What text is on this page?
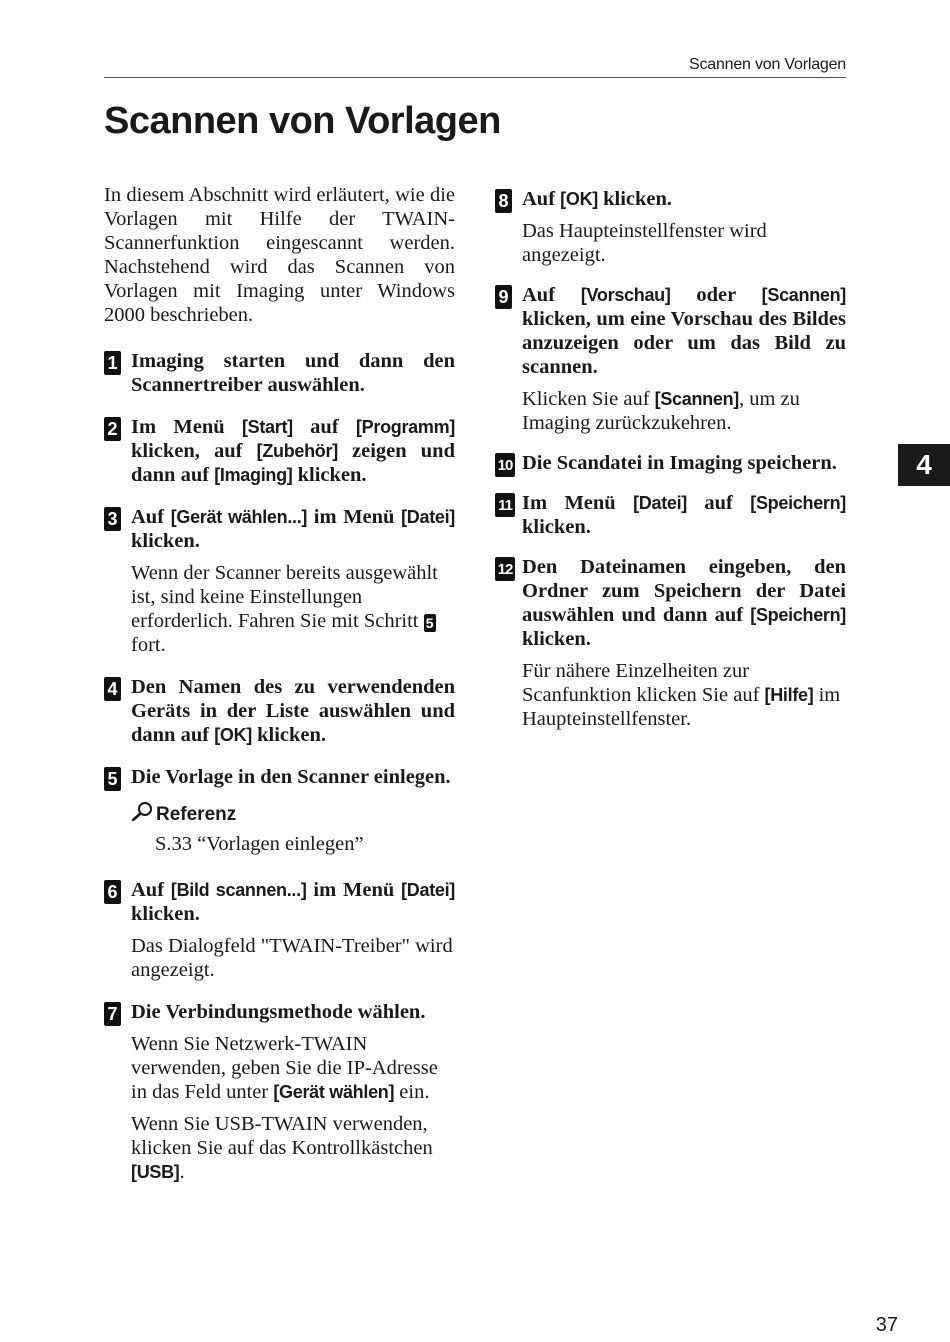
Scannen von Vorlagen
Scannen von Vorlagen

In diesem Abschnitt wird erläutert, wie die Vorlagen mit Hilfe der TWAIN-Scannerfunktion eingescannt werden. Nachstehend wird das Scannen von Vorlagen mit Imaging unter Windows 2000 beschrieben.

1 Imaging starten und dann den Scannertreiber auswählen.
2 Im Menü [Start] auf [Programm] klicken, auf [Zubehör] zeigen und dann auf [Imaging] klicken.
3 Auf [Gerät wählen...] im Menü [Datei] klicken.

Wenn der Scanner bereits ausgewählt ist, sind keine Einstellungen erforderlich. Fahren Sie mit Schritt 5 fort.

4 Den Namen des zu verwendenden Geräts in der Liste auswählen und dann auf [OK] klicken.
5 Die Vorlage in den Scanner einlegen.
Referenz
S.33 “Vorlagen einlegen”
6 Auf [Bild scannen...] im Menü [Datei] klicken.

Das Dialogfeld "TWAIN-Treiber" wird angezeigt.

7 Die Verbindungsmethode wählen.

Wenn Sie Netzwerk-TWAIN verwenden, geben Sie die IP-Adresse in das Feld unter [Gerät wählen] ein.

Wenn Sie USB-TWAIN verwenden, klicken Sie auf das Kontrollkästchen [USB].

8 Auf [OK] klicken.

Das Haupteinstellfenster wird angezeigt.

9 Auf [Vorschau] oder [Scannen] klicken, um eine Vorschau des Bildes anzuzeigen oder um das Bild zu scannen.

Klicken Sie auf [Scannen], um zu Imaging zurückzukehren.

10 Die Scandatei in Imaging speichern.
11 Im Menü [Datei] auf [Speichern] klicken.
12 Den Dateinamen eingeben, den Ordner zum Speichern der Datei auswählen und dann auf [Speichern] klicken.

Für nähere Einzelheiten zur Scanfunktion klicken Sie auf [Hilfe] im Haupteinstellfenster.

4
37
